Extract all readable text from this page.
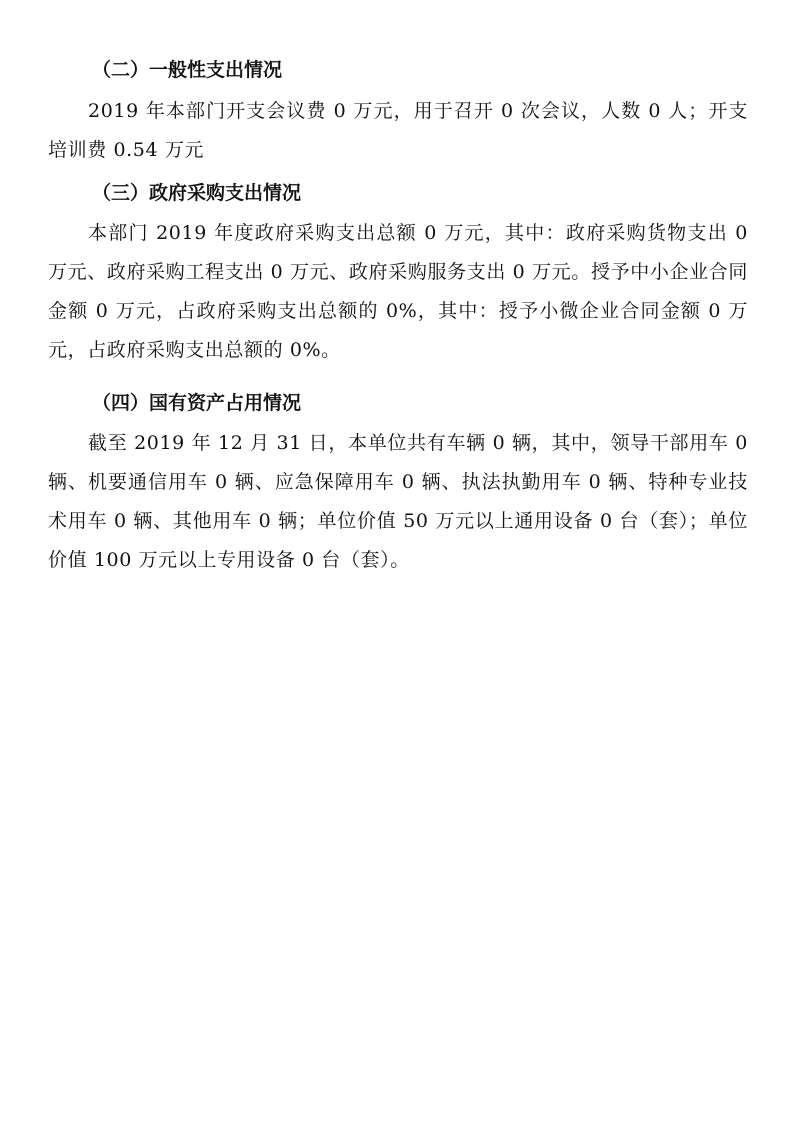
（二）一般性支出情况

2019 年本部门开支会议费 0 万元，用于召开 0 次会议，人数 0 人；开支培训费 0.54 万元

（三）政府采购支出情况

本部门 2019 年度政府采购支出总额 0 万元，其中：政府采购货物支出 0 万元、政府采购工程支出 0 万元、政府采购服务支出 0 万元。授予中小企业合同金额 0 万元，占政府采购支出总额的 0%，其中：授予小微企业合同金额 0 万元，占政府采购支出总额的 0%。

（四）国有资产占用情况

截至 2019 年 12 月 31 日，本单位共有车辆 0 辆，其中，领导干部用车 0 辆、机要通信用车 0 辆、应急保障用车 0 辆、执法执勤用车 0 辆、特种专业技术用车 0 辆、其他用车 0 辆；单位价值 50 万元以上通用设备 0 台（套）；单位价值 100 万元以上专用设备 0 台（套）。
